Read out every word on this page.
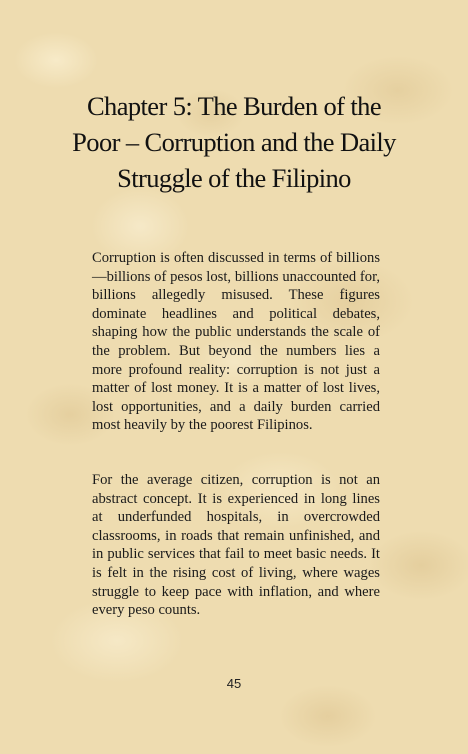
Chapter 5: The Burden of the Poor – Corruption and the Daily Struggle of the Filipino

Corruption is often discussed in terms of billions—billions of pesos lost, billions unaccounted for, billions allegedly misused. These figures dominate headlines and political debates, shaping how the public understands the scale of the problem. But beyond the numbers lies a more profound reality: corruption is not just a matter of lost money. It is a matter of lost lives, lost opportunities, and a daily burden carried most heavily by the poorest Filipinos.

For the average citizen, corruption is not an abstract concept. It is experienced in long lines at underfunded hospitals, in overcrowded classrooms, in roads that remain unfinished, and in public services that fail to meet basic needs. It is felt in the rising cost of living, where wages struggle to keep pace with inflation, and where every peso counts.

45
